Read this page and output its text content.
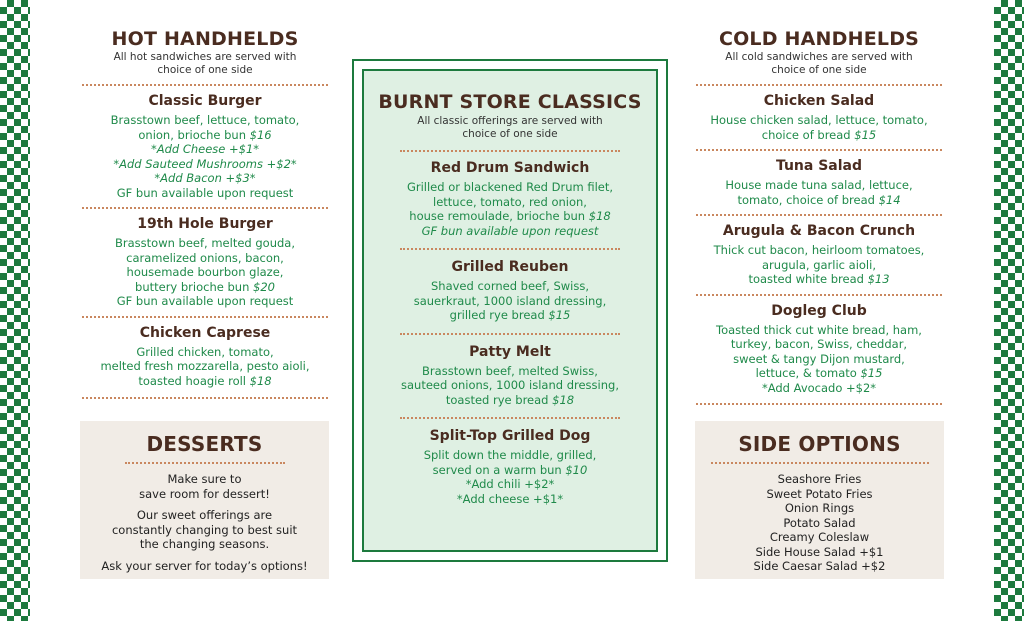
HOT HANDHELDS
All hot sandwiches are served with
choice of one side
Classic Burger
Brasstown beef, lettuce, tomato,
onion, brioche bun $16
*Add Cheese +$1*
*Add Sauteed Mushrooms +$2*
*Add Bacon +$3*
GF bun available upon request
19th Hole Burger
Brasstown beef, melted gouda,
caramelized onions, bacon,
housemade bourbon glaze,
buttery brioche bun $20
GF bun available upon request
Chicken Caprese
Grilled chicken, tomato,
melted fresh mozzarella, pesto aioli,
toasted hoagie roll $18
DESSERTS
Make sure to
save room for dessert!
Our sweet offerings are
constantly changing to best suit
the changing seasons.
Ask your server for today’s options!
BURNT STORE CLASSICS
All classic offerings are served with
choice of one side
Red Drum Sandwich
Grilled or blackened Red Drum filet,
lettuce, tomato, red onion,
house remoulade, brioche bun $18
GF bun available upon request
Grilled Reuben
Shaved corned beef, Swiss,
sauerkraut, 1000 island dressing,
grilled rye bread $15
Patty Melt
Brasstown beef, melted Swiss,
sauteed onions, 1000 island dressing,
toasted rye bread $18
Split-Top Grilled Dog
Split down the middle, grilled,
served on a warm bun $10
*Add chili +$2*
*Add cheese +$1*
COLD HANDHELDS
All cold sandwiches are served with
choice of one side
Chicken Salad
House chicken salad, lettuce, tomato,
choice of bread $15
Tuna Salad
House made tuna salad, lettuce,
tomato, choice of bread $14
Arugula & Bacon Crunch
Thick cut bacon, heirloom tomatoes,
arugula, garlic aioli,
toasted white bread $13
Dogleg Club
Toasted thick cut white bread, ham,
turkey, bacon, Swiss, cheddar,
sweet & tangy Dijon mustard,
lettuce, & tomato $15
*Add Avocado +$2*
SIDE OPTIONS
Seashore Fries
Sweet Potato Fries
Onion Rings
Potato Salad
Creamy Coleslaw
Side House Salad +$1
Side Caesar Salad +$2
